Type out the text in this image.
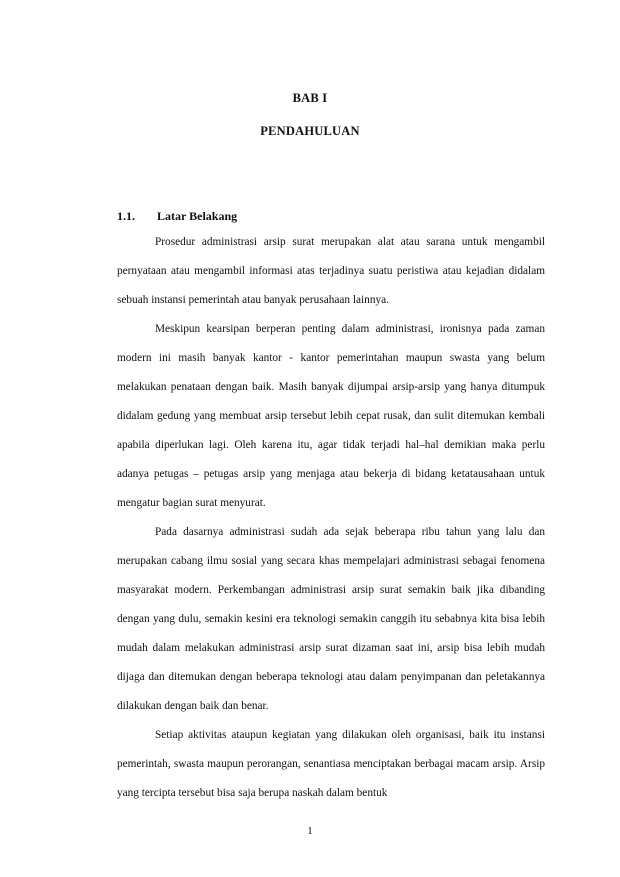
BAB I
PENDAHULUAN
1.1. Latar Belakang

Prosedur administrasi arsip surat merupakan alat atau sarana untuk mengambil pernyataan atau mengambil informasi atas terjadinya suatu peristiwa atau kejadian didalam sebuah instansi pemerintah atau banyak perusahaan lainnya.

Meskipun kearsipan berperan penting dalam administrasi, ironisnya pada zaman modern ini masih banyak kantor - kantor pemerintahan maupun swasta yang belum melakukan penataan dengan baik. Masih banyak dijumpai arsip-arsip yang hanya ditumpuk didalam gedung yang membuat arsip tersebut lebih cepat rusak, dan sulit ditemukan kembali apabila diperlukan lagi. Oleh karena itu, agar tidak terjadi hal–hal demikian maka perlu adanya petugas – petugas arsip yang menjaga atau bekerja di bidang ketatausahaan untuk mengatur bagian surat menyurat.

Pada dasarnya administrasi sudah ada sejak beberapa ribu tahun yang lalu dan merupakan cabang ilmu sosial yang secara khas mempelajari administrasi sebagai fenomena masyarakat modern. Perkembangan administrasi arsip surat semakin baik jika dibanding dengan yang dulu, semakin kesini era teknologi semakin canggih itu sebabnya kita bisa lebih mudah dalam melakukan administrasi arsip surat dizaman saat ini, arsip bisa lebih mudah dijaga dan ditemukan dengan beberapa teknologi atau dalam penyimpanan dan peletakannya dilakukan dengan baik dan benar.

Setiap aktivitas ataupun kegiatan yang dilakukan oleh organisasi, baik itu instansi pemerintah, swasta maupun perorangan, senantiasa menciptakan berbagai macam arsip. Arsip yang tercipta tersebut bisa saja berupa naskah dalam bentuk

1
